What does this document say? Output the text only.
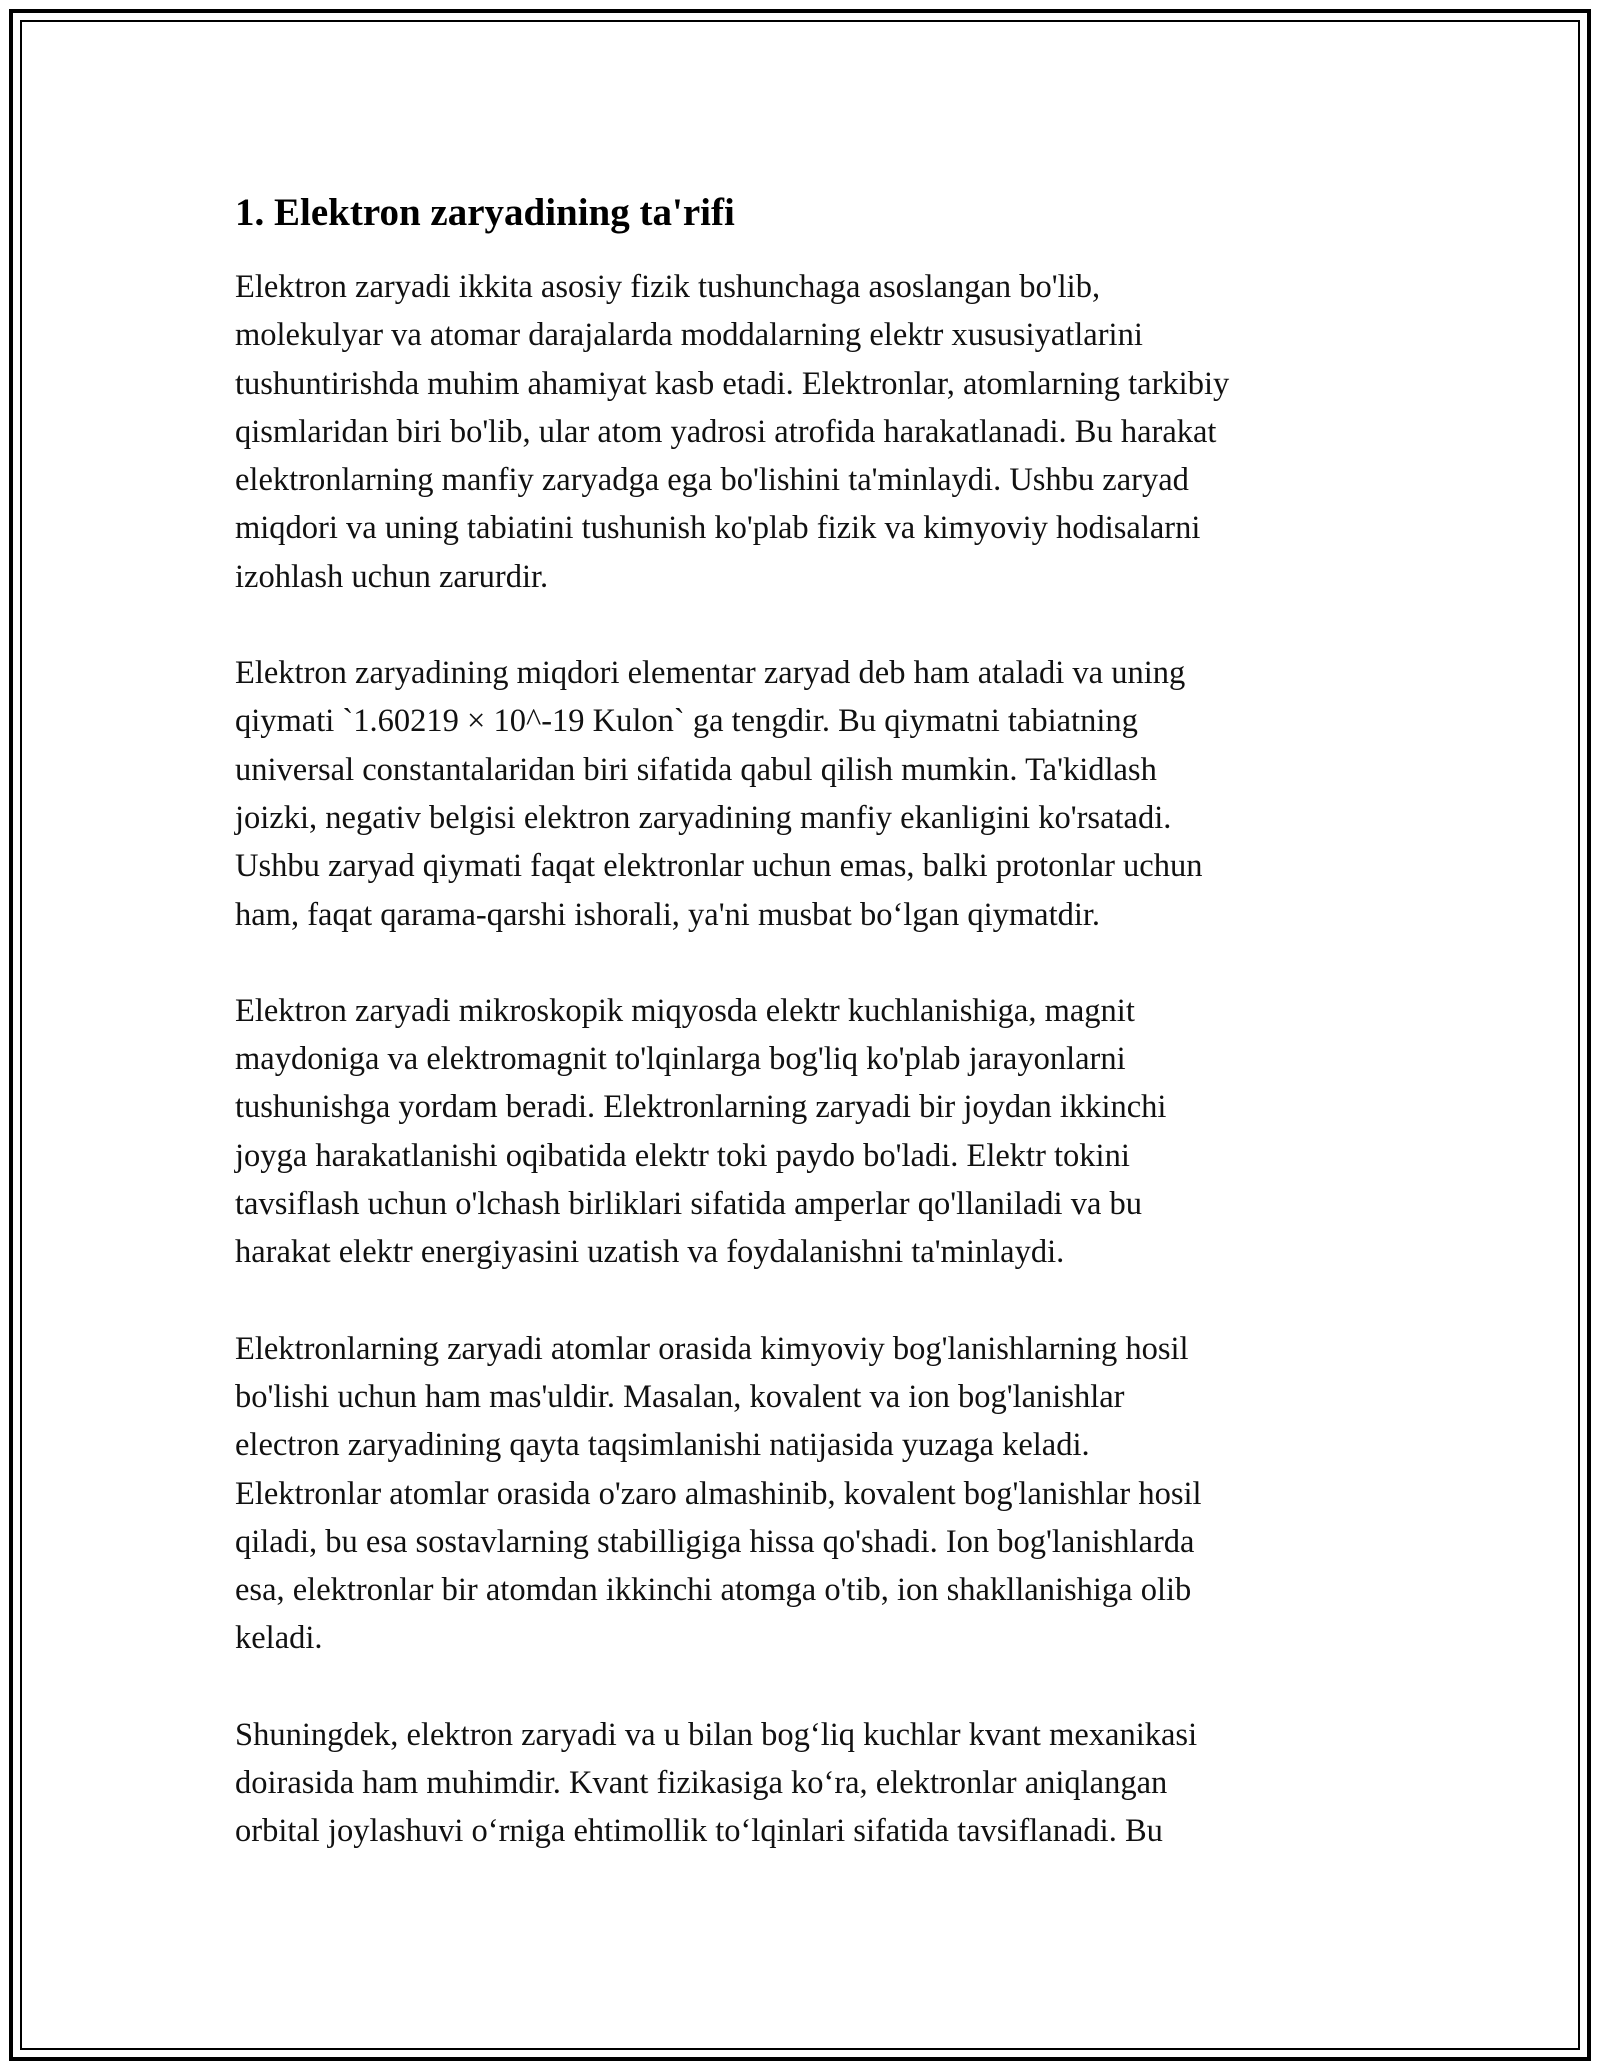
1. Elektron zaryadining ta'rifi

Elektron zaryadi ikkita asosiy fizik tushunchaga asoslangan bo'lib,
molekulyar va atomar darajalarda moddalarning elektr xususiyatlarini
tushuntirishda muhim ahamiyat kasb etadi. Elektronlar, atomlarning tarkibiy
qismlaridan biri bo'lib, ular atom yadrosi atrofida harakatlanadi. Bu harakat
elektronlarning manfiy zaryadga ega bo'lishini ta'minlaydi. Ushbu zaryad
miqdori va uning tabiatini tushunish ko'plab fizik va kimyoviy hodisalarni
izohlash uchun zarurdir.

Elektron zaryadining miqdori elementar zaryad deb ham ataladi va uning
qiymati `1.60219 × 10^-19 Kulon` ga tengdir. Bu qiymatni tabiatning
universal constantalaridan biri sifatida qabul qilish mumkin. Ta'kidlash
joizki, negativ belgisi elektron zaryadining manfiy ekanligini ko'rsatadi.
Ushbu zaryad qiymati faqat elektronlar uchun emas, balki protonlar uchun
ham, faqat qarama-qarshi ishorali, ya'ni musbat bo‘lgan qiymatdir.

Elektron zaryadi mikroskopik miqyosda elektr kuchlanishiga, magnit
maydoniga va elektromagnit to'lqinlarga bog'liq ko'plab jarayonlarni
tushunishga yordam beradi. Elektronlarning zaryadi bir joydan ikkinchi
joyga harakatlanishi oqibatida elektr toki paydo bo'ladi. Elektr tokini
tavsiflash uchun o'lchash birliklari sifatida amperlar qo'llaniladi va bu
harakat elektr energiyasini uzatish va foydalanishni ta'minlaydi.

Elektronlarning zaryadi atomlar orasida kimyoviy bog'lanishlarning hosil
bo'lishi uchun ham mas'uldir. Masalan, kovalent va ion bog'lanishlar
electron zaryadining qayta taqsimlanishi natijasida yuzaga keladi.
Elektronlar atomlar orasida o'zaro almashinib, kovalent bog'lanishlar hosil
qiladi, bu esa sostavlarning stabilligiga hissa qo'shadi. Ion bog'lanishlarda
esa, elektronlar bir atomdan ikkinchi atomga o'tib, ion shakllanishiga olib
keladi.

Shuningdek, elektron zaryadi va u bilan bog‘liq kuchlar kvant mexanikasi
doirasida ham muhimdir. Kvant fizikasiga ko‘ra, elektronlar aniqlangan
orbital joylashuvi o‘rniga ehtimollik to‘lqinlari sifatida tavsiflanadi. Bu
